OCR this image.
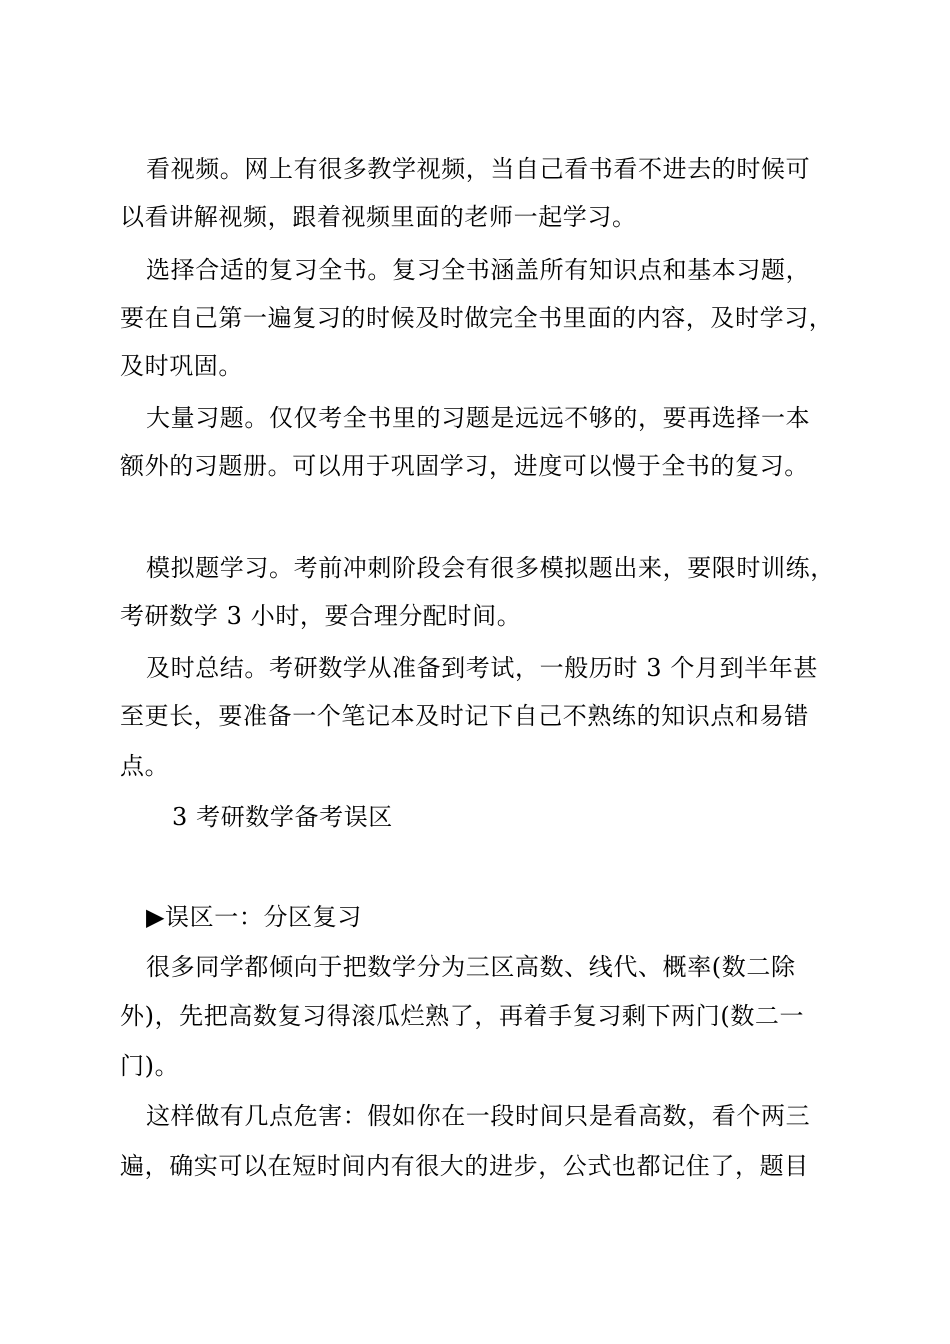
看视频。网上有很多教学视频，当自己看书看不进去的时候可
以看讲解视频，跟着视频里面的老师一起学习。
选择合适的复习全书。复习全书涵盖所有知识点和基本习题，
要在自己第一遍复习的时候及时做完全书里面的内容，及时学习，
及时巩固。
大量习题。仅仅考全书里的习题是远远不够的，要再选择一本
额外的习题册。可以用于巩固学习，进度可以慢于全书的复习。
模拟题学习。考前冲刺阶段会有很多模拟题出来，要限时训练，
考研数学 3 小时，要合理分配时间。
及时总结。考研数学从准备到考试，一般历时 3 个月到半年甚
至更长，要准备一个笔记本及时记下自己不熟练的知识点和易错
点。
3 考研数学备考误区
▶误区一：分区复习
很多同学都倾向于把数学分为三区高数、线代、概率(数二除
外)，先把高数复习得滚瓜烂熟了，再着手复习剩下两门(数二一
门)。
这样做有几点危害：假如你在一段时间只是看高数，看个两三
遍，确实可以在短时间内有很大的进步，公式也都记住了，题目
